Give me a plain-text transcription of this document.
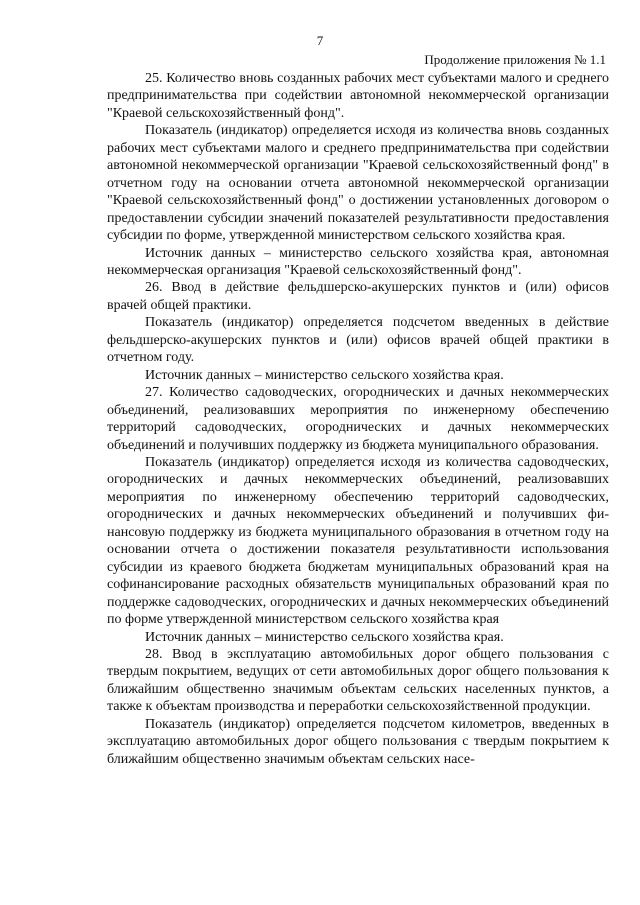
7
Продолжение приложения № 1.1

25. Количество вновь созданных рабочих мест субъектами малого и среднего предпринимательства при содействии автономной некоммерческой организации "Краевой сельскохозяйственный фонд".

Показатель (индикатор) определяется исходя из количества вновь созданных рабочих мест субъектами малого и среднего предпринимательства при содействии автономной некоммерческой организации "Краевой сельскохозяйственный фонд" в отчетном году на основании отчета автономной некоммерческой организации "Краевой сельскохозяйственный фонд" о достижении установленных договором о предоставлении субсидии значений показателей результативности предоставления субсидии по форме, утвержденной министерством сельского хозяйства края.

Источник данных – министерство сельского хозяйства края, автономная некоммерческая организация "Краевой сельскохозяйственный фонд".

26. Ввод в действие фельдшерско-акушерских пунктов и (или) офисов врачей общей практики.

Показатель (индикатор) определяется подсчетом введенных в действие фельдшерско-акушерских пунктов и (или) офисов врачей общей практики в отчетном году.

Источник данных – министерство сельского хозяйства края.

27. Количество садоводческих, огороднических и дачных некоммерческих объединений, реализовавших мероприятия по инженерному обеспечению территорий садоводческих, огороднических и дачных некоммерческих объединений и получивших поддержку из бюджета муниципального образования.

Показатель (индикатор) определяется исходя из количества садоводческих, огороднических и дачных некоммерческих объединений, реализовавших мероприятия по инженерному обеспечению территорий садоводческих, огороднических и дачных некоммерческих объединений и получивших финансовую поддержку из бюджета муниципального образования в отчетном году на основании отчета о достижении показателя результативности использования субсидии из краевого бюджета бюджетам муниципальных образований края на софинансирование расходных обязательств муниципальных образований края по поддержке садоводческих, огороднических и дачных некоммерческих объединений по форме утвержденной министерством сельского хозяйства края

Источник данных – министерство сельского хозяйства края.

28. Ввод в эксплуатацию автомобильных дорог общего пользования с твердым покрытием, ведущих от сети автомобильных дорог общего пользования к ближайшим общественно значимым объектам сельских населенных пунктов, а также к объектам производства и переработки сельскохозяйственной продукции.

Показатель (индикатор) определяется подсчетом километров, введенных в эксплуатацию автомобильных дорог общего пользования с твердым покрытием к ближайшим общественно значимым объектам сельских насе-
